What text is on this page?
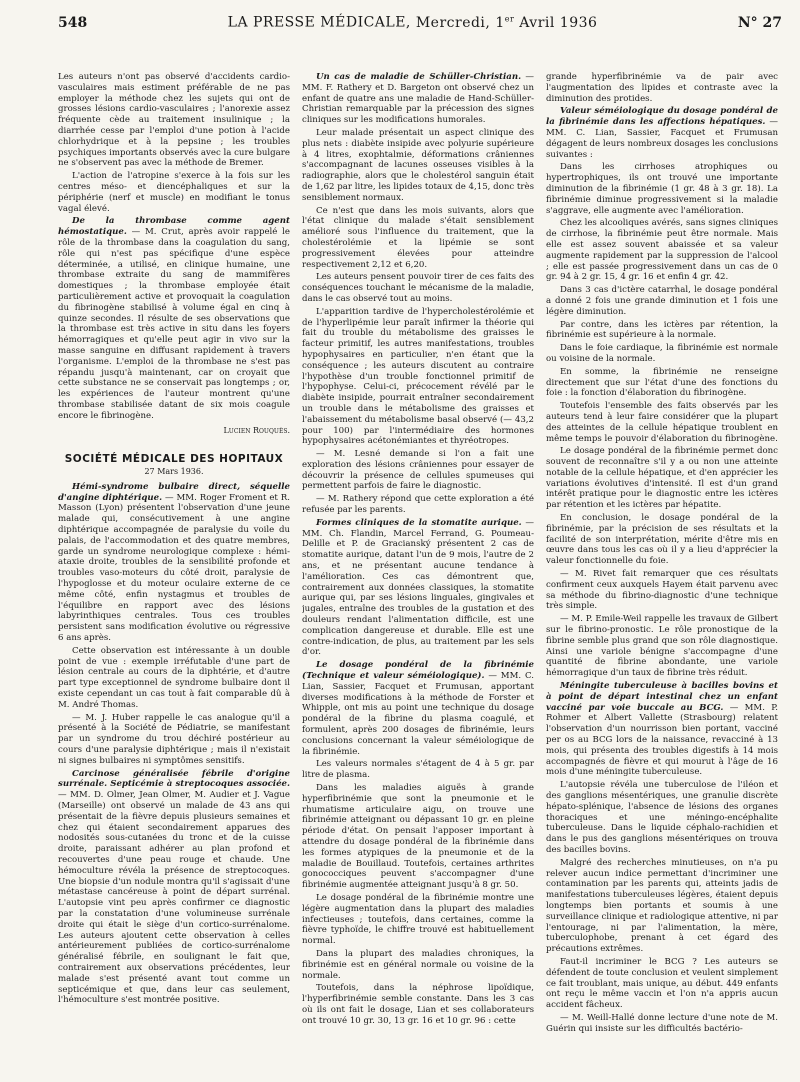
548	LA PRESSE MÉDICALE, Mercredi, 1er Avril 1936	N° 27

Les auteurs n'ont pas observé d'accidents cardio-vasculaires mais estiment préférable de ne pas employer la méthode chez les sujets qui ont de grosses lésions cardio-vasculaires ; l'anorexie assez fréquente cède au traitement insulinique ; la diarrhée cesse par l'emploi d'une potion à l'acide chlorhydrique et à la pepsine ; les troubles psychiques importants observés avec la cure bulgare ne s'observent pas avec la méthode de Bremer.

L'action de l'atropine s'exerce à la fois sur les centres méso- et diencéphaliques et sur la périphérie (nerf et muscle) en modifiant le tonus vagal élevé.

De la thrombase comme agent hémostatique. — M. Crut, après avoir rappelé le rôle de la thrombase dans la coagulation du sang, rôle qui n'est pas spécifique d'une espèce déterminée, a utilisé, en clinique humaine, une thrombase extraite du sang de mammifères domestiques ; la thrombase employée était particulièrement active et provoquait la coagulation du fibrinogène stabilisé à volume égal en cinq à quinze secondes. Il résulte de ses observations que la thrombase est très active in situ dans les foyers hémorragiques et qu'elle peut agir in vivo sur la masse sanguine en diffusant rapidement à travers l'organisme. L'emploi de la thrombase ne s'est pas répandu jusqu'à maintenant, car on croyait que cette substance ne se conservait pas longtemps ; or, les expériences de l'auteur montrent qu'une thrombase stabilisée datant de six mois coagule encore le fibrinogène.

Lucien Rouquès.
SOCIÉTÉ MÉDICALE DES HOPITAUX
27 Mars 1936.

Hémi-syndrome bulbaire direct, séquelle d'angine diphtérique. — MM. Roger Froment et R. Masson (Lyon) présentent l'observation d'une jeune malade qui, consécutivement à une angine diphtérique accompagnée de paralysie du voile du palais, de l'accommodation et des quatre membres, garde un syndrome neurologique complexe : hémi-ataxie droite, troubles de la sensibilité profonde et troubles vaso-moteurs du côté droit, paralysie de l'hypoglosse et du moteur oculaire externe de ce même côté, enfin nystagmus et troubles de l'équilibre en rapport avec des lésions labyrinthiques centrales. Tous ces troubles persistent sans modification évolutive ou régressive 6 ans après.

Cette observation est intéressante à un double point de vue : exemple irréfutable d'une part de lésion centrale au cours de la diphtérie, et d'autre part type exceptionnel de syndrome bulbaire dont il existe cependant un cas tout à fait comparable dû à M. André Thomas.

— M. J. Huber rappelle le cas analogue qu'il a présenté à la Société de Pédiatrie, se manifestant par un syndrome du trou déchiré postérieur au cours d'une paralysie diphtérique ; mais il n'existait ni signes bulbaires ni symptômes sensitifs.

Carcinose généralisée fébrile d'origine surrénale. Septicémie à streptocoques associée. — MM. D. Olmer, Jean Olmer, M. Audier et J. Vague (Marseille) ont observé un malade de 43 ans qui présentait de la fièvre depuis plusieurs semaines et chez qui étaient secondairement apparues des nodosités sous-cutanées du tronc et de la cuisse droite, paraissant adhérer au plan profond et recouvertes d'une peau rouge et chaude. Une hémoculture révéla la présence de streptocoques. Une biopsie d'un nodule montra qu'il s'agissait d'une métastase cancéreuse à point de départ surrénal. L'autopsie vint peu après confirmer ce diagnostic par la constatation d'une volumineuse surrénale droite qui était le siège d'un cortico-surrénalome. Les auteurs ajoutent cette observation à celles antérieurement publiées de cortico-surrénalome généralisé fébrile, en soulignant le fait que, contrairement aux observations précédentes, leur malade s'est présenté avant tout comme un septicémique et que, dans leur cas seulement, l'hémoculture s'est montrée positive.

Un cas de maladie de Schüller-Christian. — MM. F. Rathery et D. Bargeton ont observé chez un enfant de quatre ans une maladie de Hand-Schüller-Christian remarquable par la précession des signes cliniques sur les modifications humorales.

Leur malade présentait un aspect clinique des plus nets : diabète insipide avec polyurie supérieure à 4 litres, exophtalmie, déformations crâniennes s'accompagnant de lacunes osseuses visibles à la radiographie, alors que le cholestérol sanguin était de 1,62 par litre, les lipides totaux de 4,15, donc très sensiblement normaux.

Ce n'est que dans les mois suivants, alors que l'état clinique du malade s'était sensiblement amélioré sous l'influence du traitement, que la cholestérolémie et la lipémie se sont progressivement élevées pour atteindre respectivement 2,12 et 6,20.

Les auteurs pensent pouvoir tirer de ces faits des conséquences touchant le mécanisme de la maladie, dans le cas observé tout au moins.

L'apparition tardive de l'hypercholestérolémie et de l'hyperlipémie leur paraît infirmer la théorie qui fait du trouble du métabolisme des graisses le facteur primitif, les autres manifestations, troubles hypophysaires en particulier, n'en étant que la conséquence ; les auteurs discutent au contraire l'hypothèse d'un trouble fonctionnel primitif de l'hypophyse. Celui-ci, précocement révélé par le diabète insipide, pourrait entraîner secondairement un trouble dans le métabolisme des graisses et l'abaissement du métabolisme basal observé (— 43,2 pour 100) par l'intermédiaire des hormones hypophysaires acétonémiantes et thyréotropes.

— M. Lesné demande si l'on a fait une exploration des lésions crâniennes pour essayer de découvrir la présence de cellules spumeuses qui permettent parfois de faire le diagnostic.

— M. Rathery répond que cette exploration a été refusée par les parents.

Formes cliniques de la stomatite aurique. — MM. Ch. Flandin, Marcel Ferrand, G. Poumeau-Delille et P. de Gracianský présentent 2 cas de stomatite aurique, datant l'un de 9 mois, l'autre de 2 ans, et ne présentant aucune tendance à l'amélioration. Ces cas démontrent que, contrairement aux données classiques, la stomatite aurique qui, par ses lésions linguales, gingivales et jugales, entraîne des troubles de la gustation et des douleurs rendant l'alimentation difficile, est une complication dangereuse et durable. Elle est une contre-indication, de plus, au traitement par les sels d'or.

Le dosage pondéral de la fibrinémie (Technique et valeur séméiologique). — MM. C. Lian, Sassier, Facquet et Frumusan, apportant diverses modifications à la méthode de Forster et Whipple, ont mis au point une technique du dosage pondéral de la fibrine du plasma coagulé, et formulent, après 200 dosages de fibrinémie, leurs conclusions concernant la valeur séméiologique de la fibrinémie.

Les valeurs normales s'étagent de 4 à 5 gr. par litre de plasma.

Dans les maladies aiguës à grande hyperfibrinémie que sont la pneumonie et le rhumatisme articulaire aigu, on trouve une fibrinémie atteignant ou dépassant 10 gr. en pleine période d'état. On pensait l'apposer important à attendre du dosage pondéral de la fibrinémie dans les formes atypiques de la pneumonie et de la maladie de Bouillaud. Toutefois, certaines arthrites gonococciques peuvent s'accompagner d'une fibrinémie augmentée atteignant jusqu'à 8 gr. 50.

Le dosage pondéral de la fibrinémie montre une légère augmentation dans la plupart des maladies infectieuses ; toutefois, dans certaines, comme la fièvre typhoïde, le chiffre trouvé est habituellement normal.

Dans la plupart des maladies chroniques, la fibrinémie est en général normale ou voisine de la normale.

Toutefois, dans la néphrose lipoïdique, l'hyperfibrinémie semble constante. Dans les 3 cas où ils ont fait le dosage, Lian et ses collaborateurs ont trouvé 10 gr. 30, 13 gr. 16 et 10 gr. 96 : cette

grande hyperfibrinémie va de pair avec l'augmentation des lipides et contraste avec la diminution des protides.

Valeur séméiologique du dosage pondéral de la fibrinémie dans les affections hépatiques. — MM. C. Lian, Sassier, Facquet et Frumusan dégagent de leurs nombreux dosages les conclusions suivantes :

Dans les cirrhoses atrophiques ou hypertrophiques, ils ont trouvé une importante diminution de la fibrinémie (1 gr. 48 à 3 gr. 18). La fibrinémie diminue progressivement si la maladie s'aggrave, elle augmente avec l'amélioration.

Chez les alcooliques avérés, sans signes cliniques de cirrhose, la fibrinémie peut être normale. Mais elle est assez souvent abaissée et sa valeur augmente rapidement par la suppression de l'alcool ; elle est passée progressivement dans un cas de 0 gr. 94 à 2 gr. 15, 4 gr. 16 et enfin 4 gr. 42.

Dans 3 cas d'ictère catarrhal, le dosage pondéral a donné 2 fois une grande diminution et 1 fois une légère diminution.

Par contre, dans les ictères par rétention, la fibrinémie est supérieure à la normale.

Dans le foie cardiaque, la fibrinémie est normale ou voisine de la normale.

En somme, la fibrinémie ne renseigne directement que sur l'état d'une des fonctions du foie : la fonction d'élaboration du fibrinogène.

Toutefois l'ensemble des faits observés par les auteurs tend à leur faire considérer que la plupart des atteintes de la cellule hépatique troublent en même temps le pouvoir d'élaboration du fibrinogène.

Le dosage pondéral de la fibrinémie permet donc souvent de reconnaître s'il y a ou non une atteinte notable de la cellule hépatique, et d'en apprécier les variations évolutives d'intensité. Il est d'un grand intérêt pratique pour le diagnostic entre les ictères par rétention et les ictères par hépatite.

En conclusion, le dosage pondéral de la fibrinémie, par la précision de ses résultats et la facilité de son interprétation, mérite d'être mis en œuvre dans tous les cas où il y a lieu d'apprécier la valeur fonctionnelle du foie.

— M. Rivet fait remarquer que ces résultats confirment ceux auxquels Hayem était parvenu avec sa méthode du fibrino-diagnostic d'une technique très simple.

— M. P. Emile-Weil rappelle les travaux de Gilbert sur le fibrino-pronostic. Le rôle pronostique de la fibrine semble plus grand que son rôle diagnostique. Ainsi une variole bénigne s'accompagne d'une quantité de fibrine abondante, une variole hémorragique d'un taux de fibrine très réduit.

Méningite tuberculeuse à bacilles bovins et à point de départ intestinal chez un enfant vacciné par voie buccale au BCG. — MM. P. Rohmer et Albert Vallette (Strasbourg) relatent l'observation d'un nourrisson bien portant, vacciné per os au BCG lors de la naissance, revacciné à 13 mois, qui présenta des troubles digestifs à 14 mois accompagnés de fièvre et qui mourut à l'âge de 16 mois d'une méningite tuberculeuse.

L'autopsie révéla une tuberculose de l'iléon et des ganglions mésentériques, une granulie discrète hépato-splénique, l'absence de lésions des organes thoraciques et une méningo-encéphalite tuberculeuse. Dans le liquide céphalo-rachidien et dans le pus des ganglions mésentériques on trouva des bacilles bovins.

Malgré des recherches minutieuses, on n'a pu relever aucun indice permettant d'incriminer une contamination par les parents qui, atteints jadis de manifestations tuberculeuses légères, étaient depuis longtemps bien portants et soumis à une surveillance clinique et radiologique attentive, ni par l'entourage, ni par l'alimentation, la mère, tuberculophobe, prenant à cet égard des précautions extrêmes.

Faut-il incriminer le BCG ? Les auteurs se défendent de toute conclusion et veulent simplement ce fait troublant, mais unique, au début. 449 enfants ont reçu le même vaccin et l'on n'a appris aucun accident fâcheux.

— M. Weill-Hallé donne lecture d'une note de M. Guérin qui insiste sur les difficultés bactério-
